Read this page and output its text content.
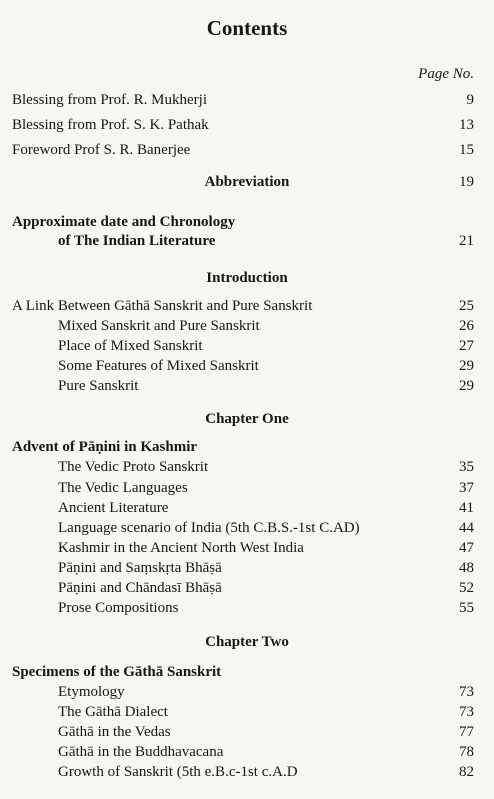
Contents
Page No.
Blessing from Prof. R. Mukherji	9
Blessing from Prof. S. K. Pathak	13
Foreword Prof S. R. Banerjee	15
Abbreviation	19
Approximate date and Chronology
of The Indian Literature	21
Introduction
A Link Between Gāthā Sanskrit and Pure Sanskrit	25
Mixed Sanskrit and Pure Sanskrit	26
Place of Mixed Sanskrit	27
Some Features of Mixed Sanskrit	29
Pure Sanskrit	29
Chapter One
Advent of Pāṇini in Kashmir
The Vedic Proto Sanskrit	35
The Vedic Languages	37
Ancient Literature	41
Language scenario of India (5th C.B.S.-1st C.AD)	44
Kashmir in the Ancient North West India	47
Pāṇini and Saṃskṛta Bhāṣā	48
Pāṇini and Chāndasī Bhāṣā	52
Prose Compositions	55
Chapter Two
Specimens of the Gāthā Sanskrit
Etymology	73
The Gāthā Dialect	73
Gāthā in the Vedas	77
Gāthā in the Buddhavacana	78
Growth of Sanskrit (5th e.B.c-1st c.A.D	82
